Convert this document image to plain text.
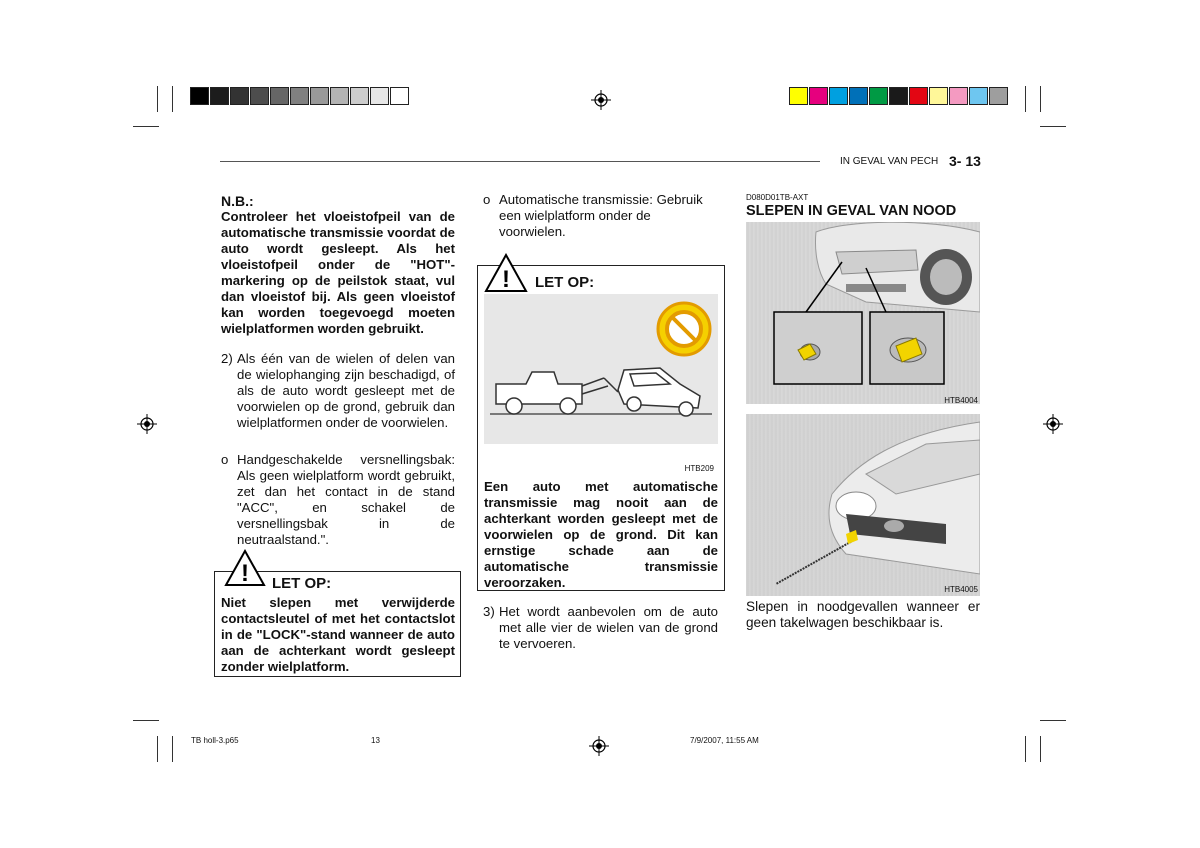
IN GEVAL VAN PECH 3- 13
N.B.:
Controleer het vloeistofpeil van de automatische transmissie voordat de auto wordt gesleept. Als het vloeistofpeil onder de "HOT"-markering op de peilstok staat, vul dan vloeistof bij. Als geen vloeistof kan worden toegevoegd moeten wielplatformen worden gebruikt.
2) Als één van de wielen of delen van de wielophanging zijn beschadigd, of als de auto wordt gesleept met de voorwielen op de grond, gebruik dan wielplatformen onder de voorwielen.
o Handgeschakelde versnellingsbak: Als geen wielplatform wordt gebruikt, zet dan het contact in de stand "ACC", en schakel de versnellingsbak in de neutraalstand.".
! LET OP:
Niet slepen met verwijderde contactsleutel of met het contactslot in de "LOCK"-stand wanneer de auto aan de achterkant wordt gesleept zonder wielplatform.
o Automatische transmissie: Gebruik een wielplatform onder de voorwielen.
! LET OP:
HTB209
Een auto met automatische transmissie mag nooit aan de achterkant worden gesleept met de voorwielen op de grond. Dit kan ernstige schade aan de automatische transmissie veroorzaken.
3) Het wordt aanbevolen om de auto met alle vier de wielen van de grond te vervoeren.
D080D01TB-AXT
SLEPEN IN GEVAL VAN NOOD
HTB4004
HTB4005
Slepen in noodgevallen wanneer er geen takelwagen beschikbaar is.
TB holl-3.p65	13	7/9/2007, 11:55 AM
